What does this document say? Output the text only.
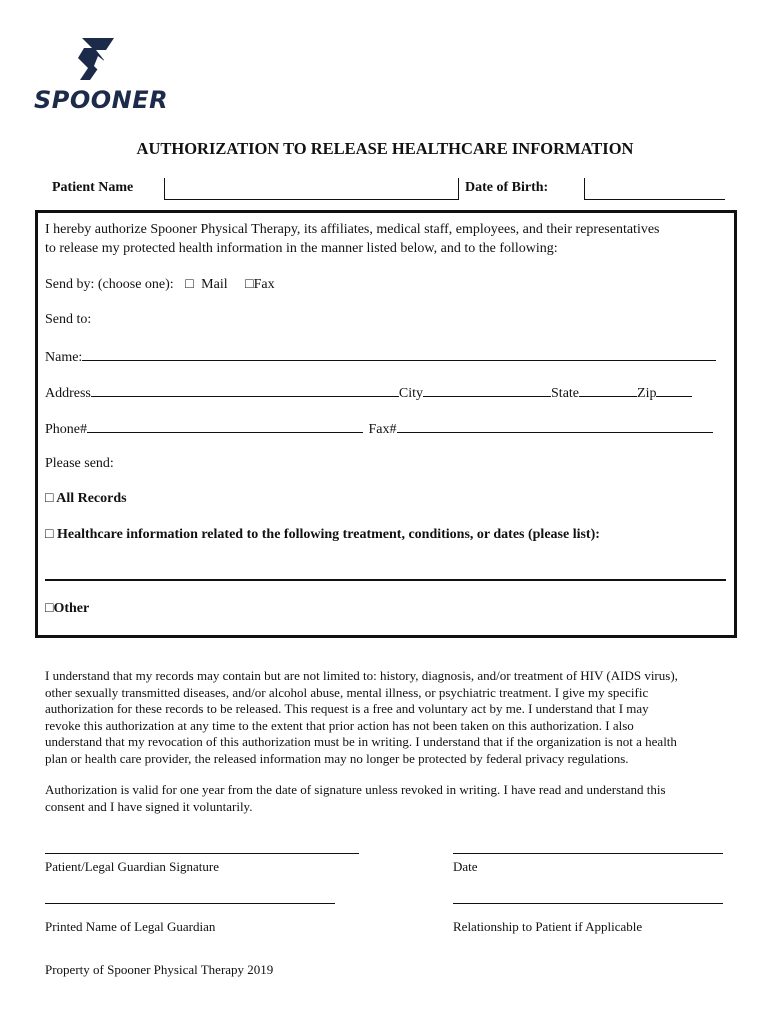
SPOONER
AUTHORIZATION TO RELEASE HEALTHCARE INFORMATION
Patient Name	Date of Birth:
I hereby authorize Spooner Physical Therapy, its affiliates, medical staff, employees, and their representatives
to release my protected health information in the manner listed below, and to the following:
Send by: (choose one): □ Mail □Fax
Send to:
Name:
Address	City	State	Zip
Phone#	Fax#
Please send:
□ All Records
□ Healthcare information related to the following treatment, conditions, or dates (please list):
□Other
I understand that my records may contain but are not limited to: history, diagnosis, and/or treatment of HIV (AIDS virus),
other sexually transmitted diseases, and/or alcohol abuse, mental illness, or psychiatric treatment. I give my specific
authorization for these records to be released. This request is a free and voluntary act by me. I understand that I may
revoke this authorization at any time to the extent that prior action has not been taken on this authorization. I also
understand that my revocation of this authorization must be in writing. I understand that if the organization is not a health
plan or health care provider, the released information may no longer be protected by federal privacy regulations.
Authorization is valid for one year from the date of signature unless revoked in writing. I have read and understand this
consent and I have signed it voluntarily.
Patient/Legal Guardian Signature	Date
Printed Name of Legal Guardian	Relationship to Patient if Applicable
Property of Spooner Physical Therapy 2019
